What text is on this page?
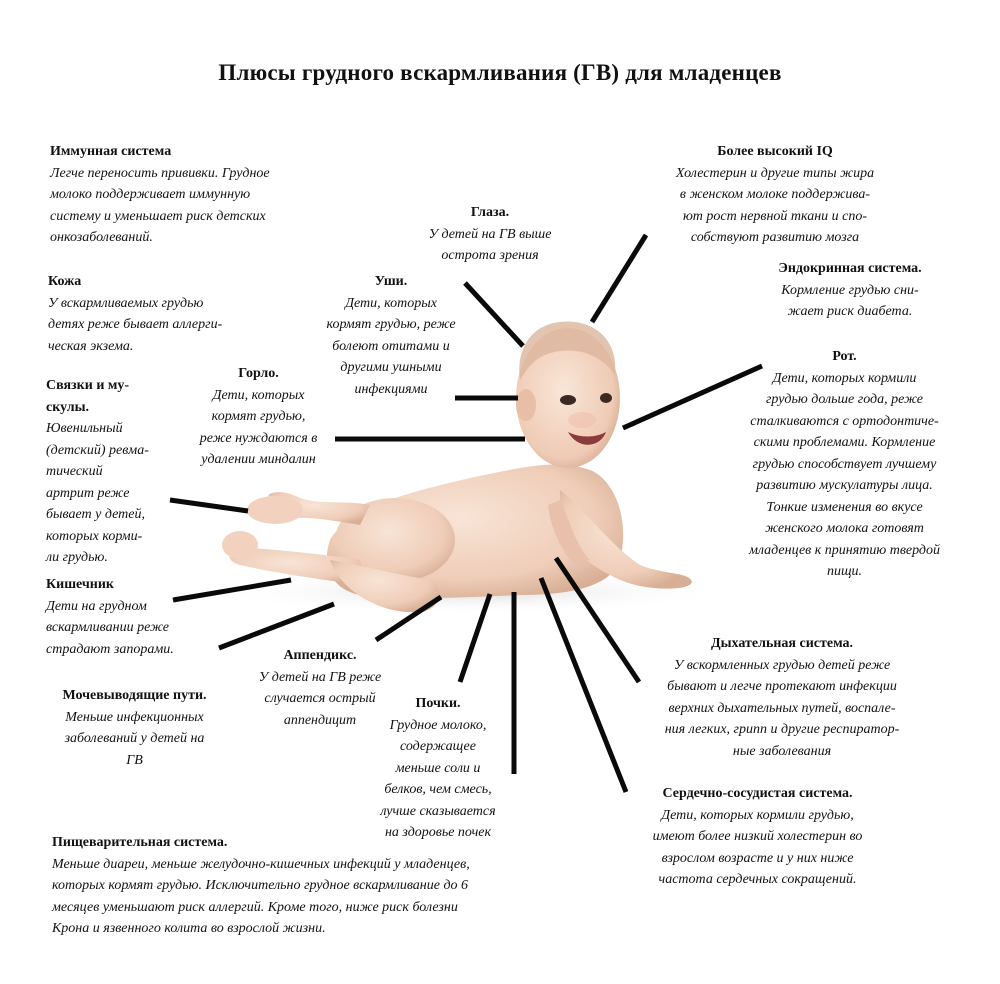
Плюсы грудного вскармливания (ГВ) для младенцев
Иммунная система
Легче переносить прививки. Грудное
молоко поддерживает иммунную
систему и уменьшает риск детских
онкозаболеваний.
Кожа
У вскармливаемых грудью
детях реже бывает аллерги-
ческая экзема.
Связки и му-
скулы.
Ювенильный
(детский) ревма-
тический
артрит реже
бывает у детей,
которых корми-
ли грудью.
Горло.
Дети, которых
кормят грудью,
реже нуждаются в
удалении миндалин
Уши.
Дети, которых
кормят грудью, реже
болеют отитами и
другими ушными
инфекциями
Глаза.
У детей на ГВ выше
острота зрения
Более высокий IQ
Холестерин и другие типы жира
в женском молоке поддержива-
ют рост нервной ткани и спо-
собствуют развитию мозга
Эндокринная система.
Кормление грудью сни-
жает риск диабета.
Рот.
Дети, которых кормили
грудью дольше года, реже
сталкиваются с ортодонтиче-
скими проблемами. Кормление
грудью способствует лучшему
развитию мускулатуры лица.
Тонкие изменения во вкусе
женского молока готовят
младенцев к принятию твердой
пищи.
Кишечник
Дети на грудном
вскармливании реже
страдают запорами.	Аппендикс.
У детей на ГВ реже
случается острый
аппендицит
Мочевыводящие пути.
Меньше инфекционных
заболеваний у детей на
ГВ
Почки.
Грудное молоко,
содержащее
меньше соли и
белков, чем смесь,
лучше сказывается
на здоровье почек
Дыхательная система.
У вскормленных грудью детей реже
бывают и легче протекают инфекции
верхних дыхательных путей, воспале-
ния легких, грипп и другие респиратор-
ные заболевания
Сердечно-сосудистая система.
Дети, которых кормили грудью,
имеют более низкий холестерин во
взрослом возрасте и у них ниже
частота сердечных сокращений.
Пищеварительная система.
Меньше диареи, меньше желудочно-кишечных инфекций у младенцев,
которых кормят грудью. Исключительно грудное вскармливание до 6
месяцев уменьшают риск аллергий. Кроме того, ниже риск болезни
Крона и язвенного колита во взрослой жизни.
